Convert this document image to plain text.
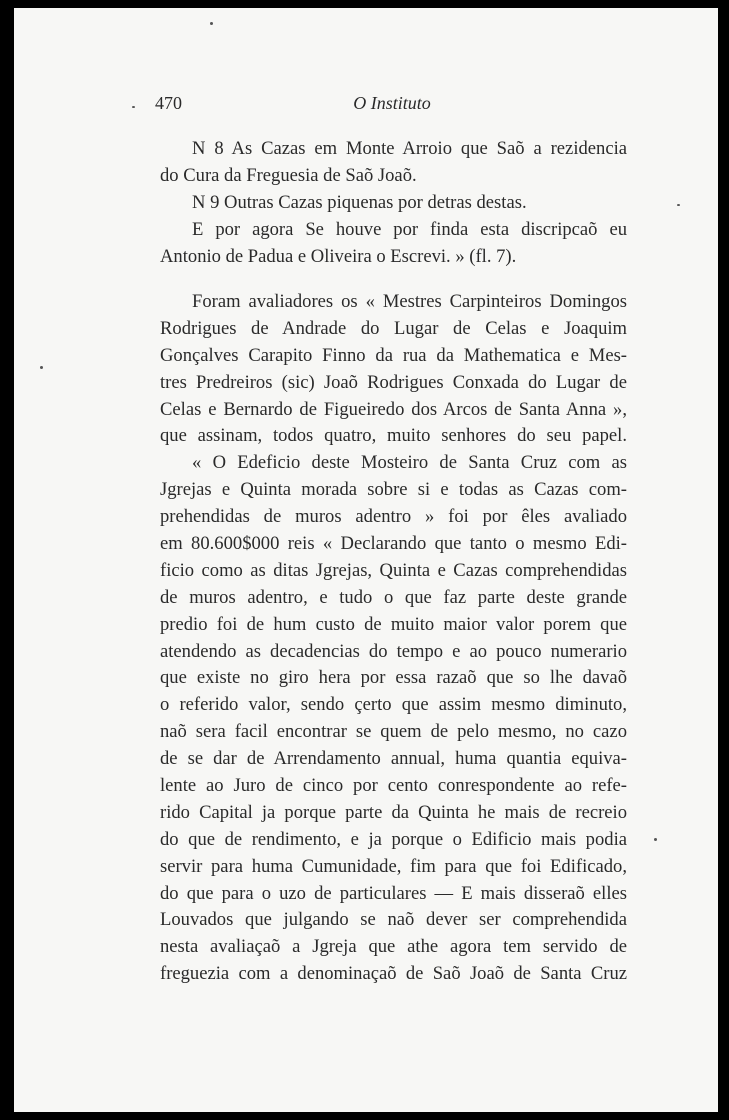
470	O Instituto
N 8 As Cazas em Monte Arroio que Saõ a rezidencia
do Cura da Freguesia de Saõ Joaõ.
N 9 Outras Cazas piquenas por detras destas.
E por agora Se houve por finda esta discripcaõ eu
Antonio de Padua e Oliveira o Escrevi. » (fl. 7).
Foram avaliadores os « Mestres Carpinteiros Domingos
Rodrigues de Andrade do Lugar de Celas e Joaquim
Gonçalves Carapito Finno da rua da Mathematica e Mes-
tres Predreiros (sic) Joaõ Rodrigues Conxada do Lugar de
Celas e Bernardo de Figueiredo dos Arcos de Santa Anna »,
que assinam, todos quatro, muito senhores do seu papel.
« O Edeficio deste Mosteiro de Santa Cruz com as
Jgrejas e Quinta morada sobre si e todas as Cazas com-
prehendidas de muros adentro » foi por êles avaliado
em 80.600$000 reis « Declarando que tanto o mesmo Edi-
ficio como as ditas Jgrejas, Quinta e Cazas comprehendidas
de muros adentro, e tudo o que faz parte deste grande
predio foi de hum custo de muito maior valor porem que
atendendo as decadencias do tempo e ao pouco numerario
que existe no giro hera por essa razaõ que so lhe davaõ
o referido valor, sendo çerto que assim mesmo diminuto,
naõ sera facil encontrar se quem de pelo mesmo, no cazo
de se dar de Arrendamento annual, huma quantia equiva-
lente ao Juro de cinco por cento conrespondente ao refe-
rido Capital ja porque parte da Quinta he mais de recreio
do que de rendimento, e ja porque o Edificio mais podia
servir para huma Cumunidade, fim para que foi Edificado,
do que para o uzo de particulares — E mais disseraõ elles
Louvados que julgando se naõ dever ser comprehendida
nesta avaliaçaõ a Jgreja que athe agora tem servido de
freguezia com a denominaçaõ de Saõ Joaõ de Santa Cruz
